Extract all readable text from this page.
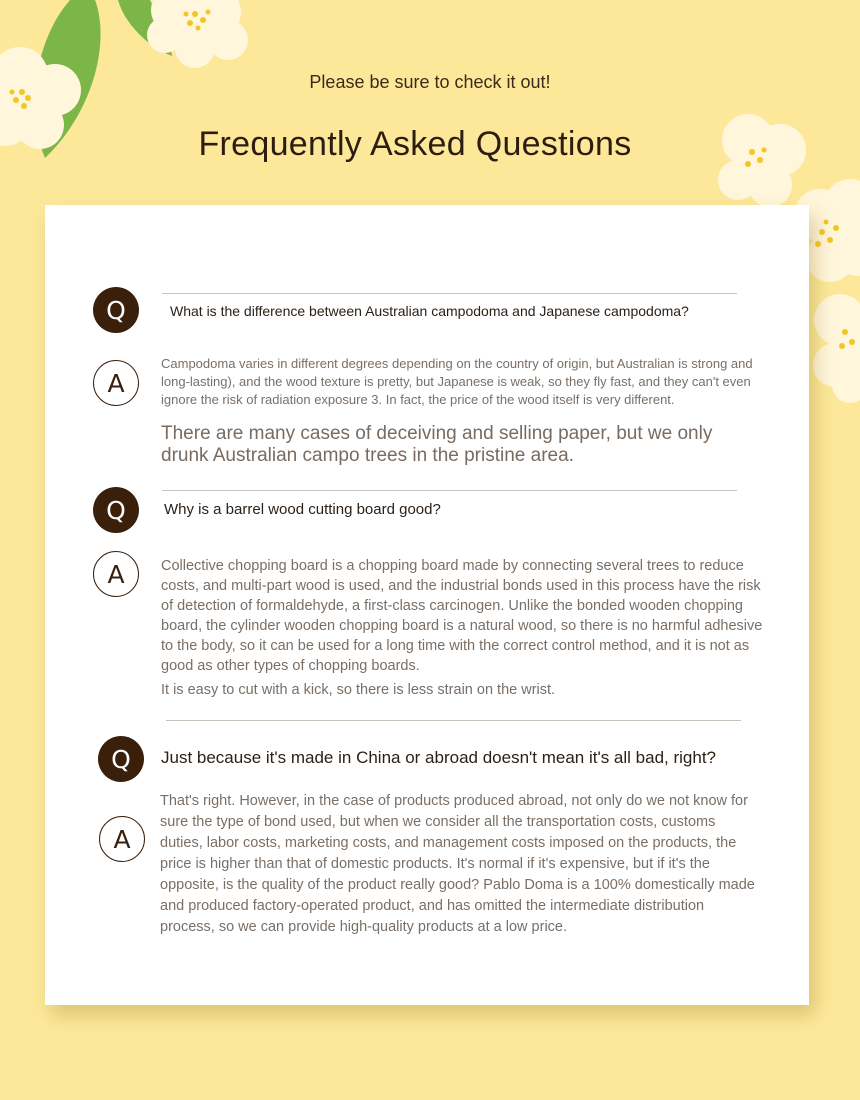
Please be sure to check it out!
Frequently Asked Questions
Q	What is the difference between Australian campodoma and Japanese campodoma?
A
Campodoma varies in different degrees depending on the country of origin, but Australian is strong and long-lasting), and the wood texture is pretty, but Japanese is weak, so they fly fast, and they can't even ignore the risk of radiation exposure 3. In fact, the price of the wood itself is very different.
There are many cases of deceiving and selling paper, but we only drunk Australian campo trees in the pristine area.
Q	Why is a barrel wood cutting board good?
A	Collective chopping board is a chopping board made by connecting several trees to reduce costs, and multi-part wood is used, and the industrial bonds used in this process have the risk of detection of formaldehyde, a first-class carcinogen. Unlike the bonded wooden chopping board, the cylinder wooden chopping board is a natural wood, so there is no harmful adhesive to the body, so it can be used for a long time with the correct control method, and it is not as good as other types of chopping boards.
It is easy to cut with a kick, so there is less strain on the wrist.
Q	Just because it's made in China or abroad doesn't mean it's all bad, right?
A
That's right. However, in the case of products produced abroad, not only do we not know for sure the type of bond used, but when we consider all the transportation costs, customs duties, labor costs, marketing costs, and management costs imposed on the products, the price is higher than that of domestic products. It's normal if it's expensive, but if it's the opposite, is the quality of the product really good? Pablo Doma is a 100% domestically made and produced factory-operated product, and has omitted the intermediate distribution process, so we can provide high-quality products at a low price.
